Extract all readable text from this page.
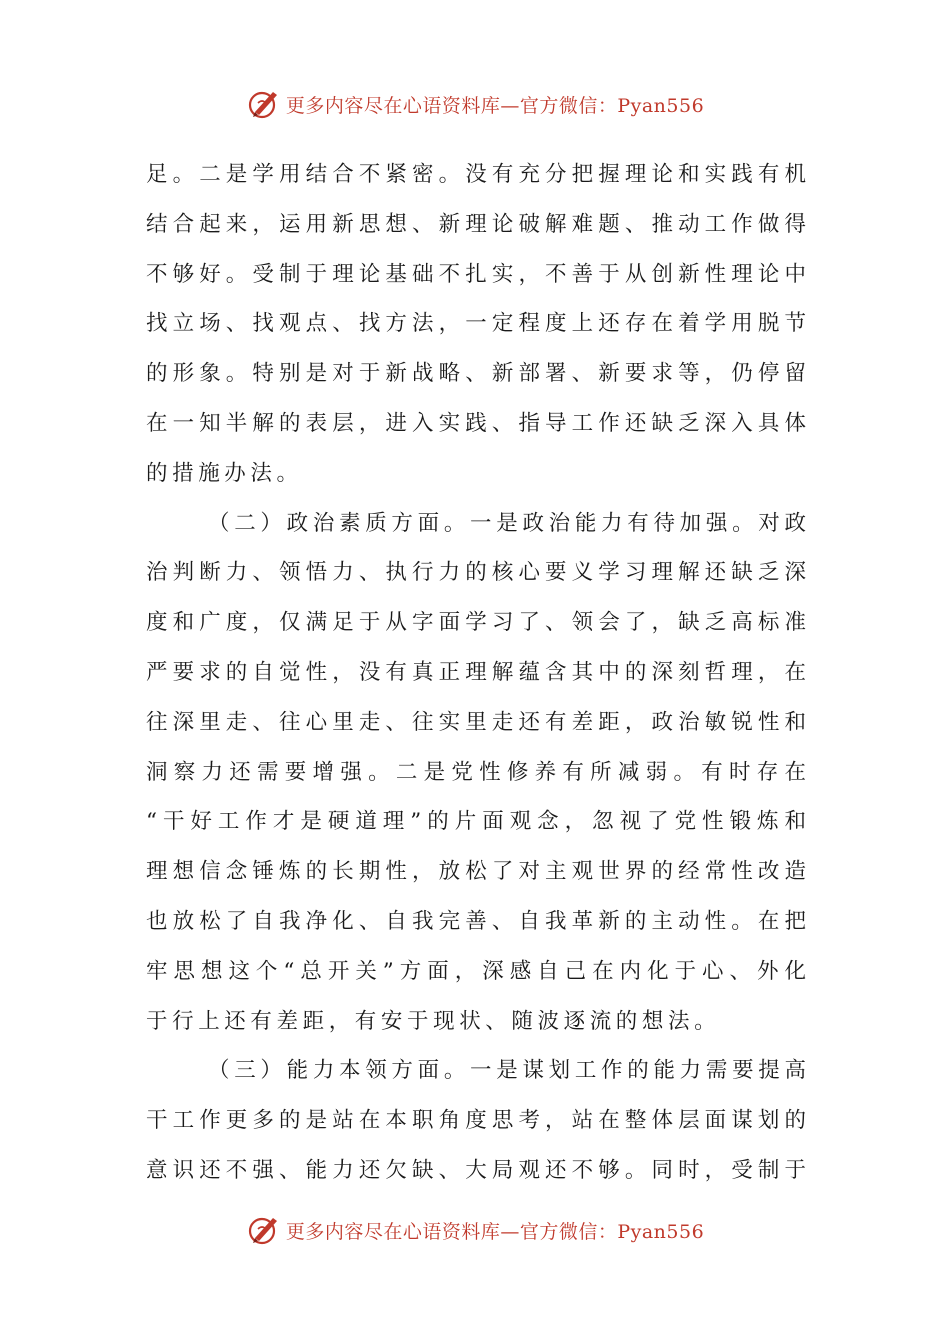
更多内容尽在心语资料库—官方微信：Pyan556
足。二是学用结合不紧密。没有充分把握理论和实践有机
结合起来，运用新思想、新理论破解难题、推动工作做得
不够好。受制于理论基础不扎实，不善于从创新性理论中
找立场、找观点、找方法，一定程度上还存在着学用脱节
的形象。特别是对于新战略、新部署、新要求等，仍停留
在一知半解的表层，进入实践、指导工作还缺乏深入具体
的措施办法。
（二）政治素质方面。一是政治能力有待加强。对政
治判断力、领悟力、执行力的核心要义学习理解还缺乏深
度和广度，仅满足于从字面学习了、领会了，缺乏高标准
严要求的自觉性，没有真正理解蕴含其中的深刻哲理，在
往深里走、往心里走、往实里走还有差距，政治敏锐性和
洞察力还需要增强。二是党性修养有所减弱。有时存在
“干好工作才是硬道理”的片面观念，忽视了党性锻炼和
理想信念锤炼的长期性，放松了对主观世界的经常性改造
也放松了自我净化、自我完善、自我革新的主动性。在把
牢思想这个“总开关”方面，深感自己在内化于心、外化
于行上还有差距，有安于现状、随波逐流的想法。
（三）能力本领方面。一是谋划工作的能力需要提高
干工作更多的是站在本职角度思考，站在整体层面谋划的
意识还不强、能力还欠缺、大局观还不够。同时，受制于
更多内容尽在心语资料库—官方微信：Pyan556
